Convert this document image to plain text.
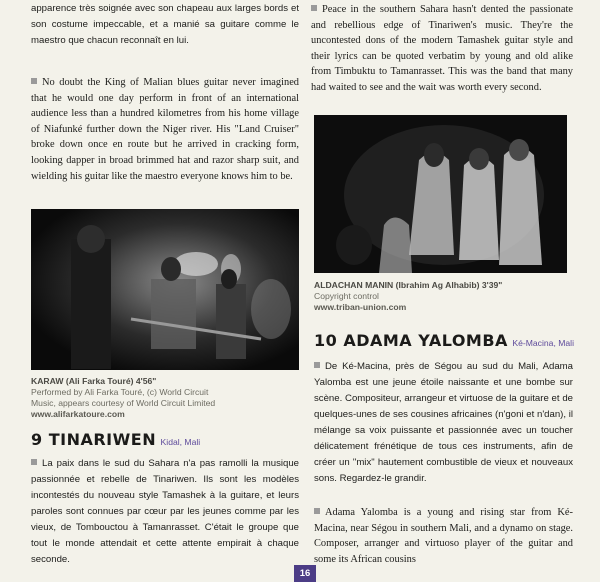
apparence très soignée avec son chapeau aux larges bords et son costume impeccable, et a manié sa guitare comme le maestro que chacun reconnaît en lui.

No doubt the King of Malian blues guitar never imagined that he would one day perform in front of an international audience less than a hundred kilometres from his home village of Niafunké further down the Niger river. His "Land Cruiser" broke down once en route but he arrived in cracking form, looking dapper in broad brimmed hat and razor sharp suit, and wielding his guitar like the maestro everyone knows him to be.

KARAW (Ali Farka Touré) 4'56"
Performed by Ali Farka Touré, (c) World Circuit
Music, appears courtesy of World Circuit Limited
www.alifarkatoure.com
9 TINARIWEN Kidal, Mali

La paix dans le sud du Sahara n'a pas ramolli la musique passionnée et rebelle de Tinariwen. Ils sont les modèles incontestés du nouveau style Tamashek à la guitare, et leurs paroles sont connues par cœur par les jeunes comme par les vieux, de Tombouctou à Tamanrasset. C'était le groupe que tout le monde attendait et cette attente empirait à chaque seconde.

Peace in the southern Sahara hasn't dented the passionate and rebellious edge of Tinariwen's music. They're the uncontested dons of the modern Tamashek guitar style and their lyrics can be quoted verbatim by young and old alike from Timbuktu to Tamanrasset. This was the band that many had waited to see and the wait was worth every second.

ALDACHAN MANIN (Ibrahim Ag Alhabib) 3'39"
Copyright control
www.triban-union.com
10 ADAMA YALOMBA Ké-Macina, Mali

De Ké-Macina, près de Ségou au sud du Mali, Adama Yalomba est une jeune étoile naissante et une bombe sur scène. Compositeur, arrangeur et virtuose de la guitare et de quelques-unes de ses cousines africaines (n'goni et n'dan), il mélange sa voix puissante et passionnée avec un toucher délicatement frénétique de tous ces instruments, afin de créer un "mix" hautement combustible de vieux et nouveaux sons. Regardez-le grandir.

Adama Yalomba is a young and rising star from Ké-Macina, near Ségou in southern Mali, and a dynamo on stage. Composer, arranger and virtuoso player of the guitar and some its African cousins

16
